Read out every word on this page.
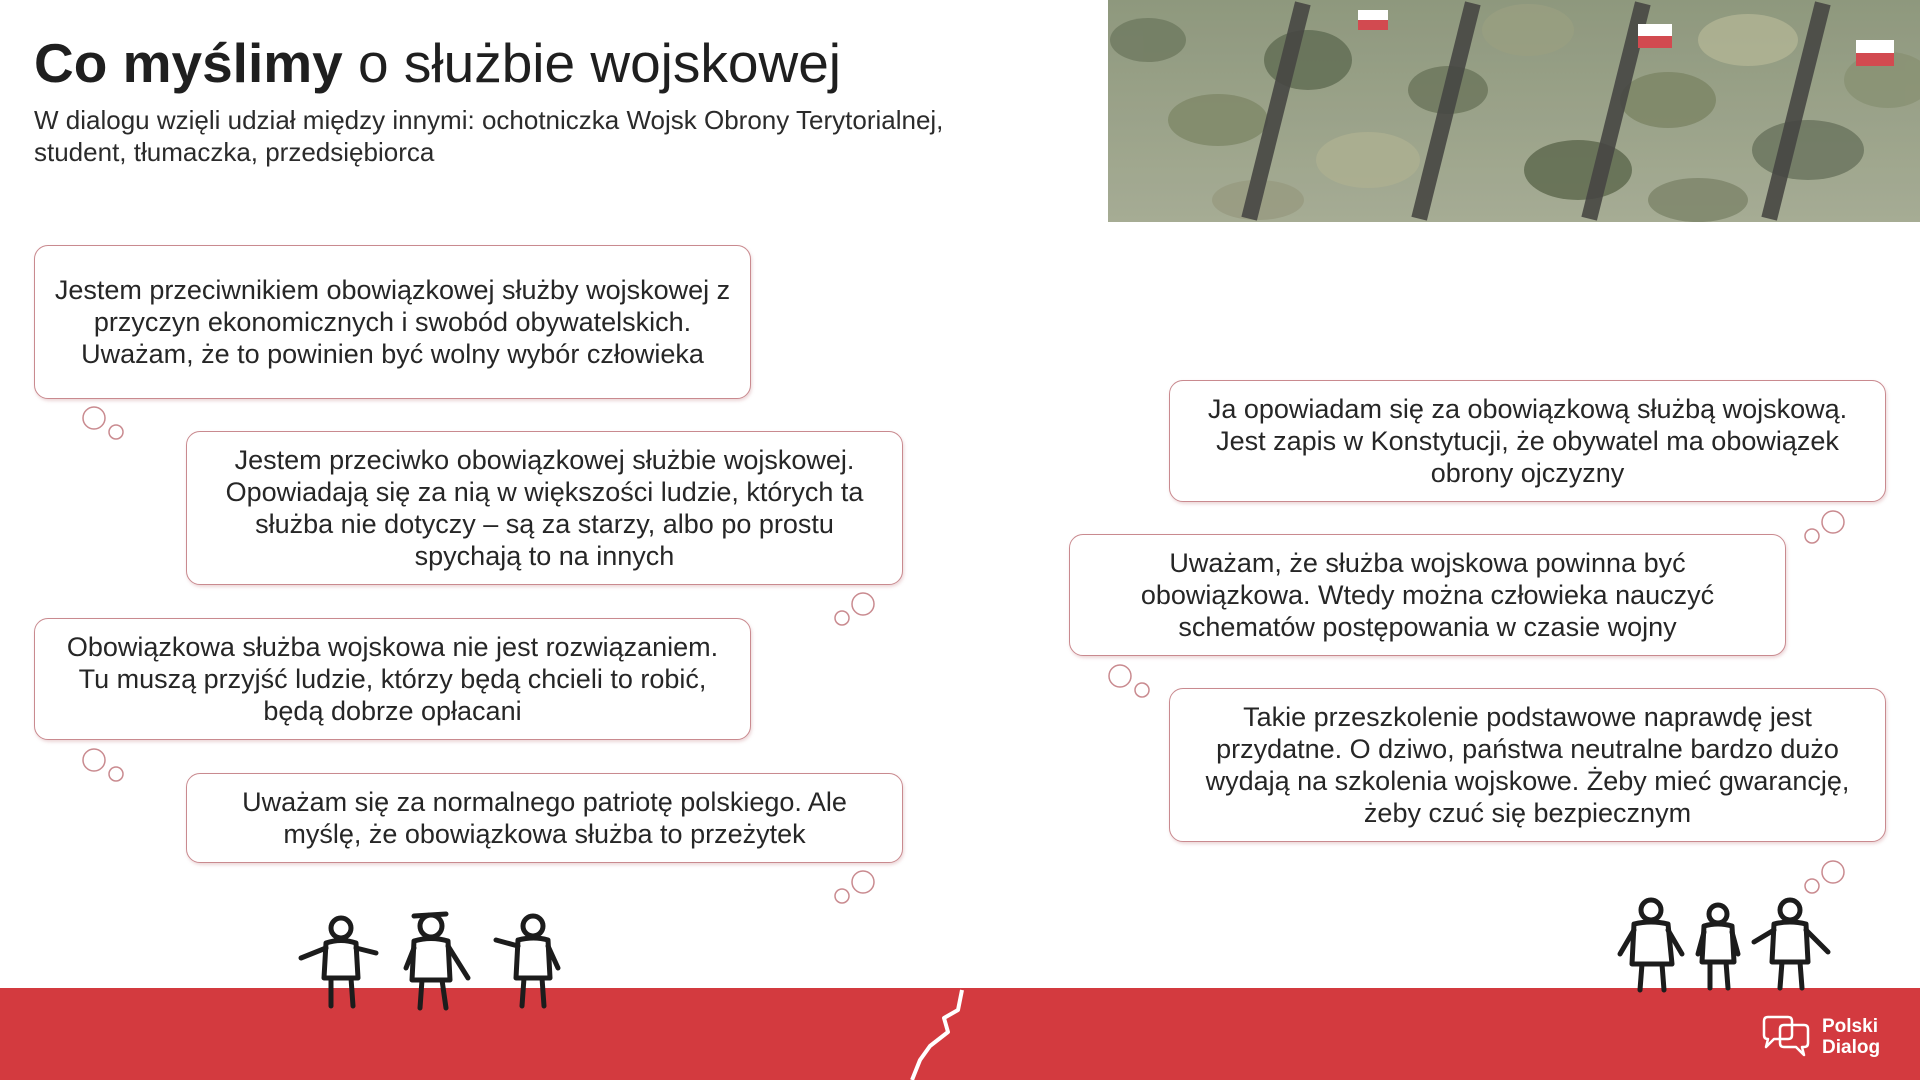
Co myślimy o służbie wojskowej

W dialogu wzięli udział między innymi: ochotniczka Wojsk Obrony Terytorialnej, student, tłumaczka, przedsiębiorca

Jestem przeciwnikiem obowiązkowej służby wojskowej z przyczyn ekonomicznych i swobód obywatelskich. Uważam, że to powinien być wolny wybór człowieka
Jestem przeciwko obowiązkowej służbie wojskowej. Opowiadają się za nią w większości ludzie, których ta służba nie dotyczy – są za starzy, albo po prostu spychają to na innych
Obowiązkowa służba wojskowa nie jest rozwiązaniem. Tu muszą przyjść ludzie, którzy będą chcieli to robić, będą dobrze opłacani
Uważam się za normalnego patriotę polskiego. Ale myślę, że obowiązkowa służba to przeżytek
Ja opowiadam się za obowiązkową służbą wojskową. Jest zapis w Konstytucji, że obywatel ma obowiązek obrony ojczyzny
Uważam, że służba wojskowa powinna być obowiązkowa. Wtedy można człowieka nauczyć schematów postępowania w czasie wojny
Takie przeszkolenie podstawowe naprawdę jest przydatne. O dziwo, państwa neutralne bardzo dużo wydają na szkolenia wojskowe. Żeby mieć gwarancję, żeby czuć się bezpiecznym
Polski
Dialog
